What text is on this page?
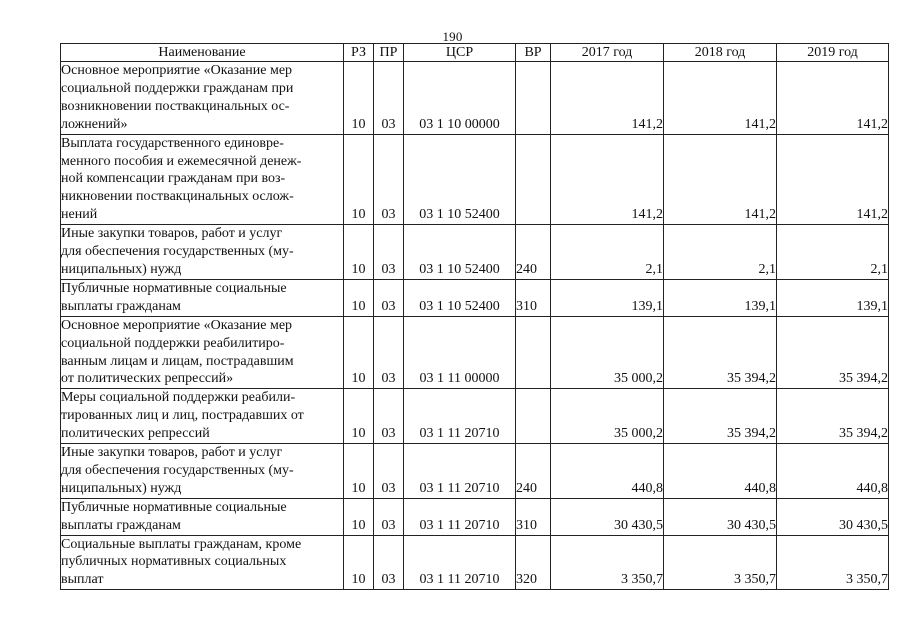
190
Наименование	РЗ	ПР	ЦСР	ВР	2017 год	2018 год	2019 год

Основное мероприятие «Оказание мер
социальной поддержки гражданам при
возникновении поствакцинальных ос-
ложнений»	10	03	03 1 10 00000		141,2	141,2	141,2

Выплата государственного единовре-
менного пособия и ежемесячной денеж-
ной компенсации гражданам при воз-
никновении поствакцинальных ослож-
нений	10	03	03 1 10 52400		141,2	141,2	141,2

Иные закупки товаров, работ и услуг
для обеспечения государственных (му-
ниципальных) нужд	10	03	03 1 10 52400	240	2,1	2,1	2,1

Публичные нормативные социальные
выплаты гражданам	10	03	03 1 10 52400	310	139,1	139,1	139,1

Основное мероприятие «Оказание мер
социальной поддержки реабилитиро-
ванным лицам и лицам, пострадавшим
от политических репрессий»	10	03	03 1 11 00000		35 000,2	35 394,2	35 394,2

Меры социальной поддержки реабили-
тированных лиц и лиц, пострадавших от
политических репрессий	10	03	03 1 11 20710		35 000,2	35 394,2	35 394,2

Иные закупки товаров, работ и услуг
для обеспечения государственных (му-
ниципальных) нужд	10	03	03 1 11 20710	240	440,8	440,8	440,8

Публичные нормативные социальные
выплаты гражданам	10	03	03 1 11 20710	310	30 430,5	30 430,5	30 430,5

Социальные выплаты гражданам, кроме
публичных нормативных социальных
выплат	10	03	03 1 11 20710	320	3 350,7	3 350,7	3 350,7
